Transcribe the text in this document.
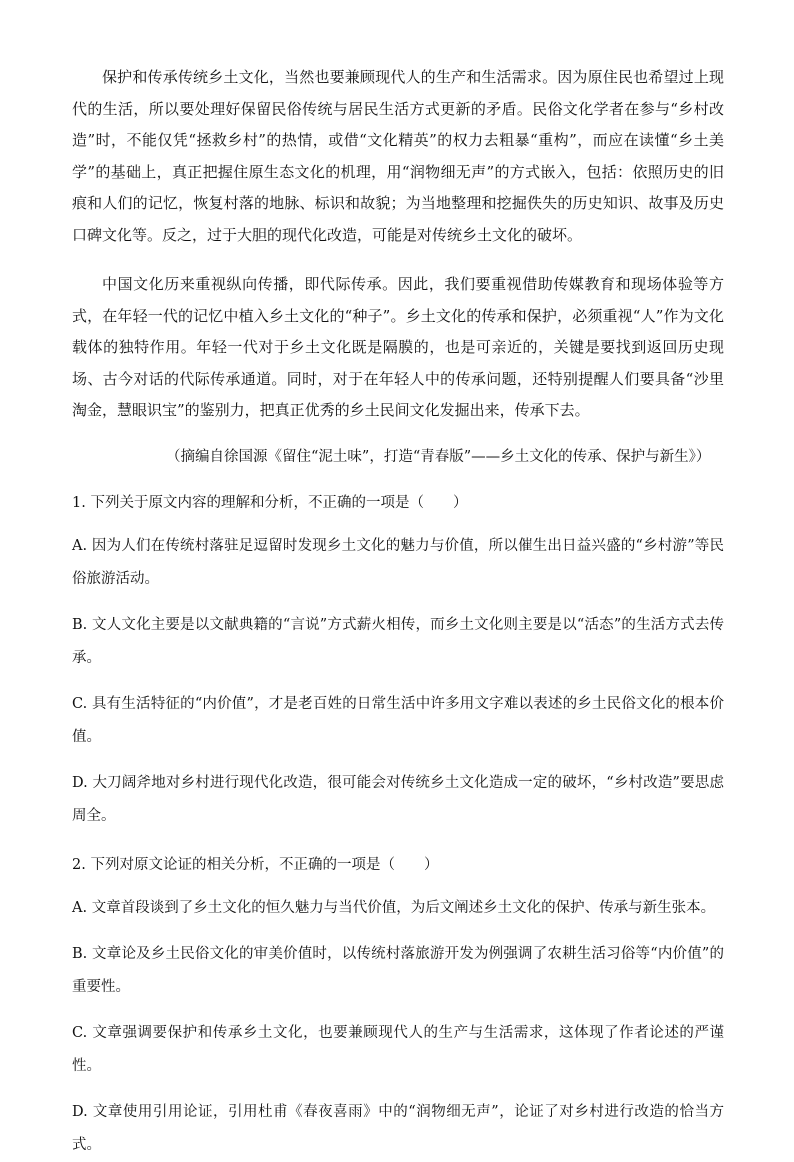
保护和传承传统乡土文化，当然也要兼顾现代人的生产和生活需求。因为原住民也希望过上现代的生活，所以要处理好保留民俗传统与居民生活方式更新的矛盾。民俗文化学者在参与“乡村改造”时，不能仅凭“拯救乡村”的热情，或借“文化精英”的权力去粗暴“重构”，而应在读懂“乡土美学”的基础上，真正把握住原生态文化的机理，用“润物细无声”的方式嵌入，包括：依照历史的旧痕和人们的记忆，恢复村落的地脉、标识和故貌；为当地整理和挖掘佚失的历史知识、故事及历史口碑文化等。反之，过于大胆的现代化改造，可能是对传统乡土文化的破坏。

中国文化历来重视纵向传播，即代际传承。因此，我们要重视借助传媒教育和现场体验等方式，在年轻一代的记忆中植入乡土文化的“种子”。乡土文化的传承和保护，必须重视“人”作为文化载体的独特作用。年轻一代对于乡土文化既是隔膜的，也是可亲近的，关键是要找到返回历史现场、古今对话的代际传承通道。同时，对于在年轻人中的传承问题，还特别提醒人们要具备“沙里淘金，慧眼识宝”的鉴别力，把真正优秀的乡土民间文化发掘出来，传承下去。

（摘编自徐国源《留住“泥土味”，打造“青春版”——乡土文化的传承、保护与新生》）

1. 下列关于原文内容的理解和分析，不正确的一项是（　　）

A. 因为人们在传统村落驻足逗留时发现乡土文化的魅力与价值，所以催生出日益兴盛的“乡村游”等民俗旅游活动。

B. 文人文化主要是以文献典籍的“言说”方式薪火相传，而乡土文化则主要是以“活态”的生活方式去传承。

C. 具有生活特征的“内价值”，才是老百姓的日常生活中许多用文字难以表述的乡土民俗文化的根本价值。

D. 大刀阔斧地对乡村进行现代化改造，很可能会对传统乡土文化造成一定的破坏，“乡村改造”要思虑周全。

2. 下列对原文论证的相关分析，不正确的一项是（　　）

A. 文章首段谈到了乡土文化的恒久魅力与当代价值，为后文阐述乡土文化的保护、传承与新生张本。

B. 文章论及乡土民俗文化的审美价值时，以传统村落旅游开发为例强调了农耕生活习俗等“内价值”的重要性。

C. 文章强调要保护和传承乡土文化，也要兼顾现代人的生产与生活需求，这体现了作者论述的严谨性。

D. 文章使用引用论证，引用杜甫《春夜喜雨》中的“润物细无声”，论证了对乡村进行改造的恰当方式。
